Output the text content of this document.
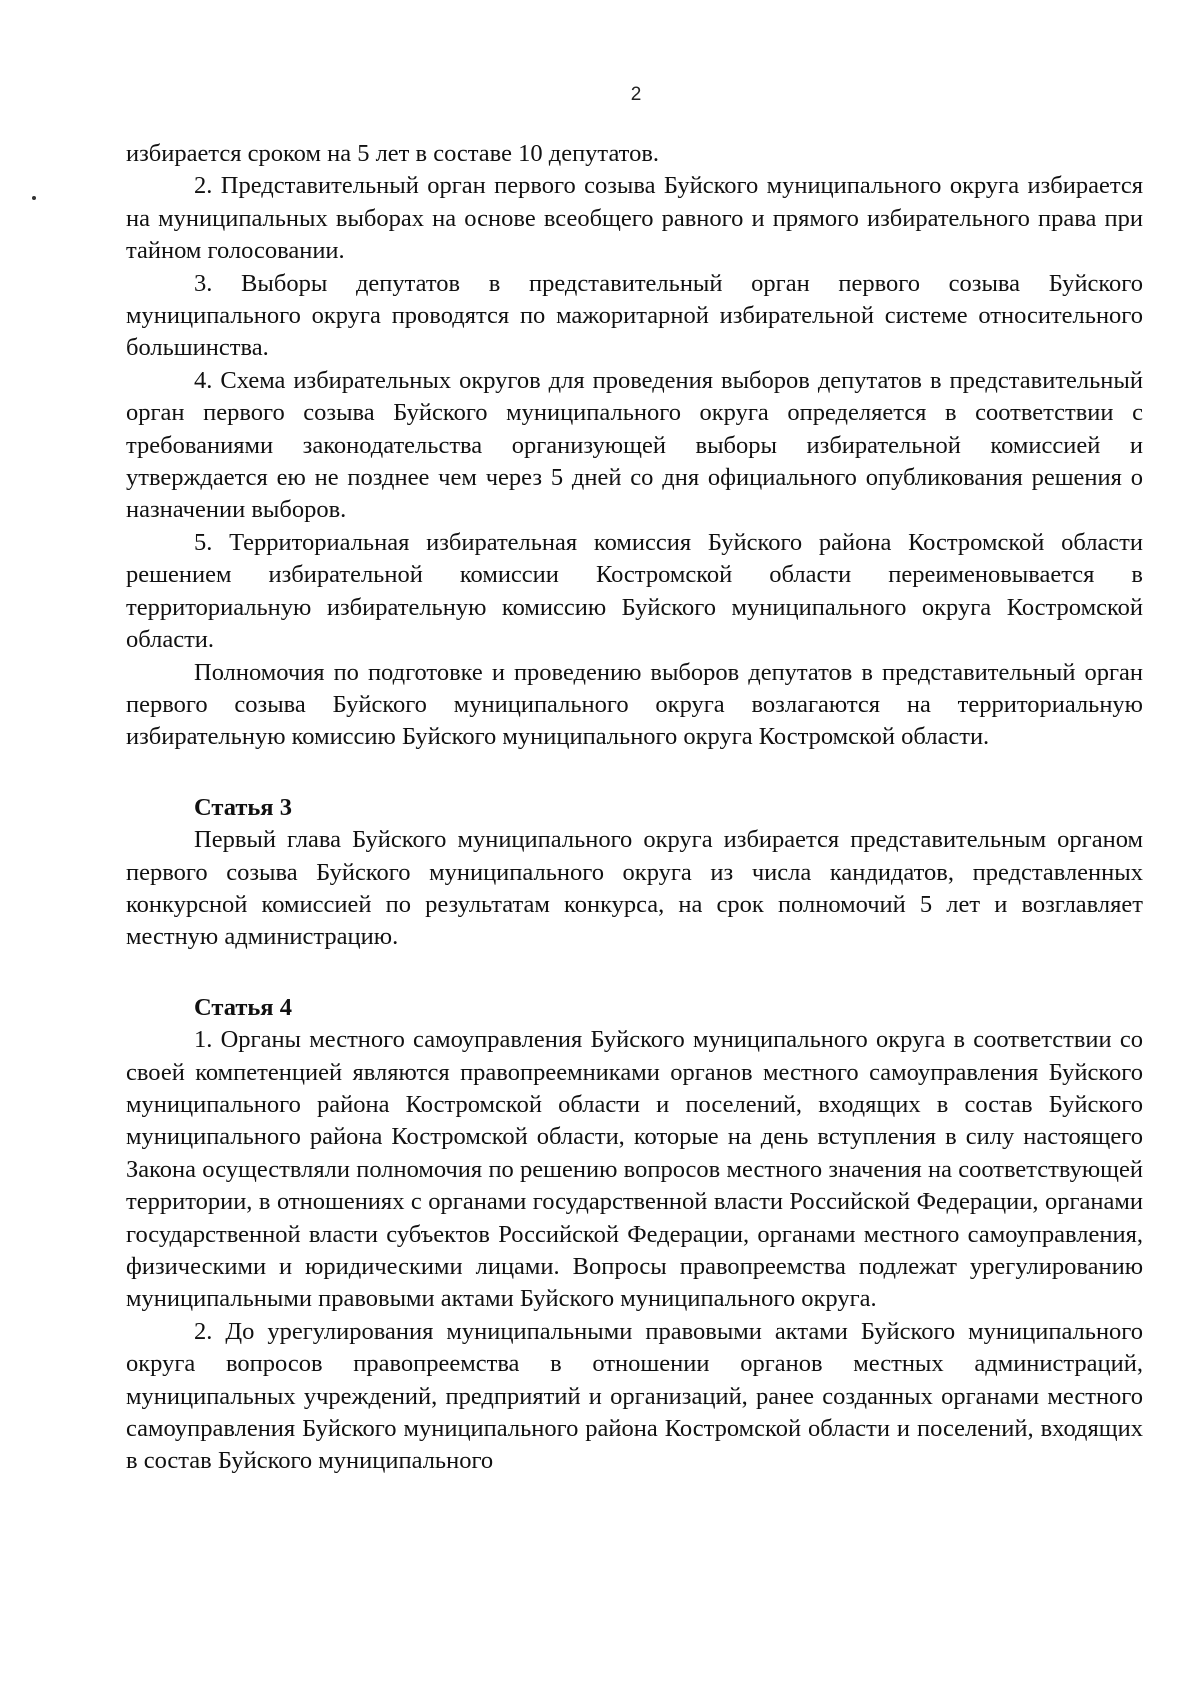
2

избирается сроком на 5 лет в составе 10 депутатов.

2. Представительный орган первого созыва Буйского муниципального округа избирается на муниципальных выборах на основе всеобщего равного и прямого избирательного права при тайном голосовании.

3. Выборы депутатов в представительный орган первого созыва Буйского муниципального округа проводятся по мажоритарной избирательной системе относительного большинства.

4. Схема избирательных округов для проведения выборов депутатов в представительный орган первого созыва Буйского муниципального округа определяется в соответствии с требованиями законодательства организующей выборы избирательной комиссией и утверждается ею не позднее чем через 5 дней со дня официального опубликования решения о назначении выборов.

5. Территориальная избирательная комиссия Буйского района Костромской области решением избирательной комиссии Костромской области переименовывается в территориальную избирательную комиссию Буйского муниципального округа Костромской области.

Полномочия по подготовке и проведению выборов депутатов в представительный орган первого созыва Буйского муниципального округа возлагаются на территориальную избирательную комиссию Буйского муниципального округа Костромской области.

Статья 3

Первый глава Буйского муниципального округа избирается представительным органом первого созыва Буйского муниципального округа из числа кандидатов, представленных конкурсной комиссией по результатам конкурса, на срок полномочий 5 лет и возглавляет местную администрацию.

Статья 4

1. Органы местного самоуправления Буйского муниципального округа в соответствии со своей компетенцией являются правопреемниками органов местного самоуправления Буйского муниципального района Костромской области и поселений, входящих в состав Буйского муниципального района Костромской области, которые на день вступления в силу настоящего Закона осуществляли полномочия по решению вопросов местного значения на соответствующей территории, в отношениях с органами государственной власти Российской Федерации, органами государственной власти субъектов Российской Федерации, органами местного самоуправления, физическими и юридическими лицами. Вопросы правопреемства подлежат урегулированию муниципальными правовыми актами Буйского муниципального округа.

2. До урегулирования муниципальными правовыми актами Буйского муниципального округа вопросов правопреемства в отношении органов местных администраций, муниципальных учреждений, предприятий и организаций, ранее созданных органами местного самоуправления Буйского муниципального района Костромской области и поселений, входящих в состав Буйского муниципального
